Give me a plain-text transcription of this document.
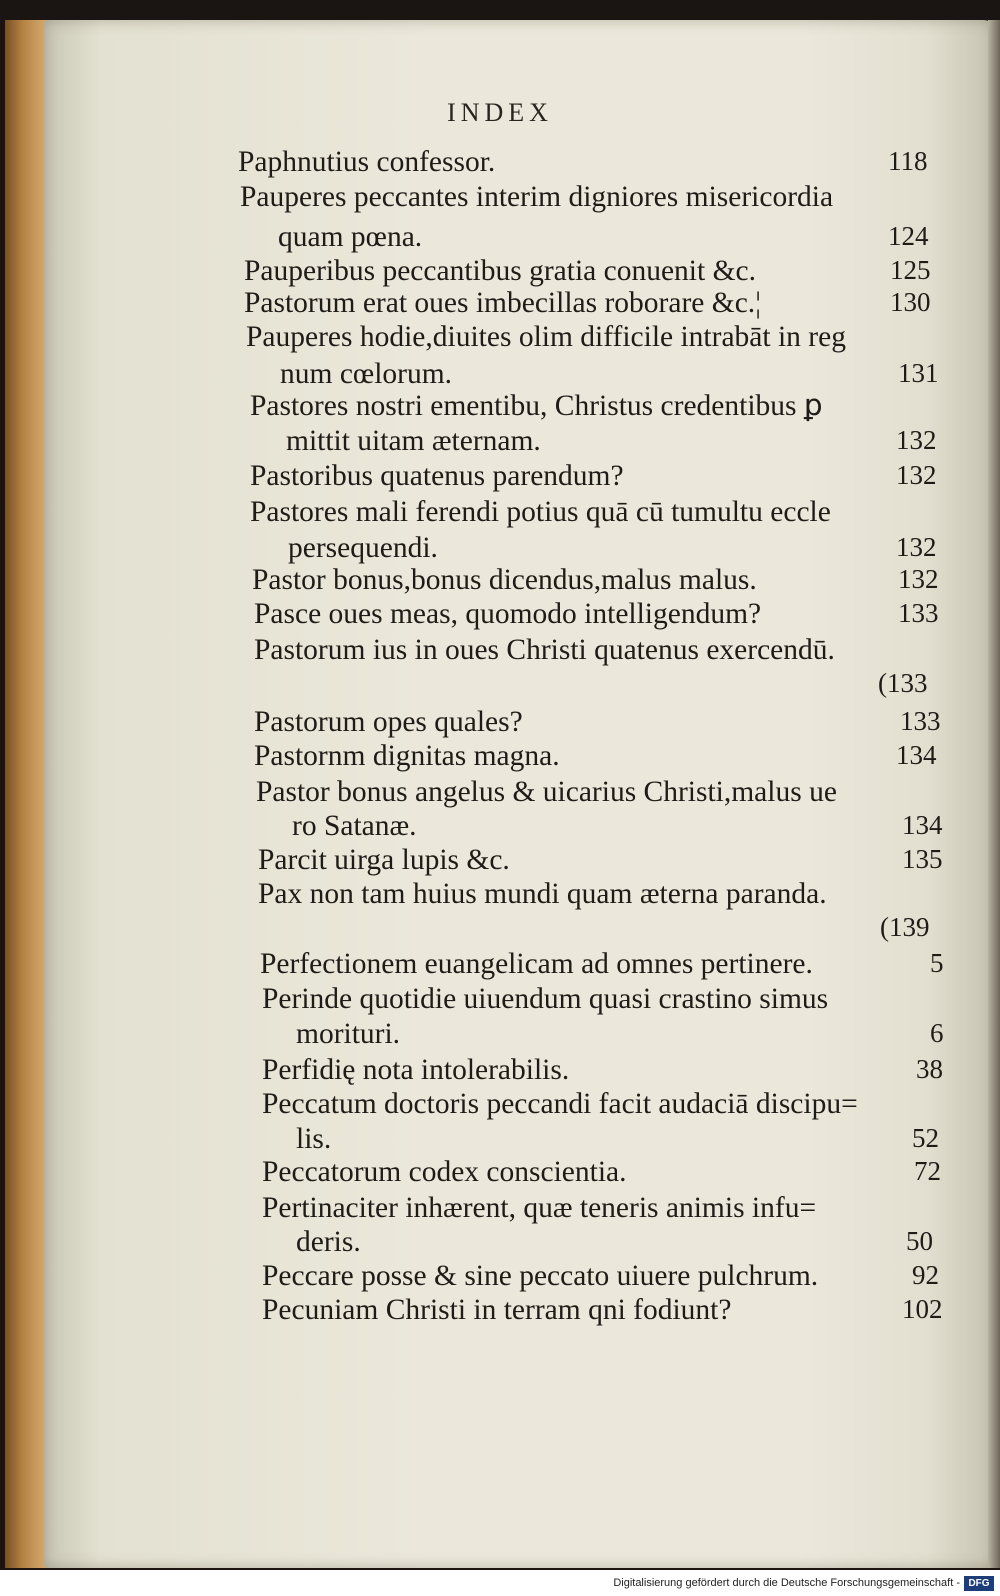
INDEX
Paphnutius confessor.	118
Pauperes peccantes interim digniores misericordia
quam pœna.	124
Pauperibus peccantibus gratia conuenit &c.	125
Pastorum erat oues imbecillas roborare &c.¦	130
Pauperes hodie,diuites olim difficile intrabāt in reg
num cœlorum.	131
Pastores nostri ementibu, Christus credentibus ꝑ
mittit uitam æternam.	132
Pastoribus quatenus parendum?	132
Pastores mali ferendi potius quā cū tumultu eccle
persequendi.	132
Pastor bonus,bonus dicendus,malus malus.	132
Pasce oues meas, quomodo intelligendum?	133
Pastorum ius in oues Christi quatenus exercendū.
(133
Pastorum opes quales?	133
Pastornm dignitas magna.	134
Pastor bonus angelus & uicarius Christi,malus ue
ro Satanæ.	134
Parcit uirga lupis &c.	135
Pax non tam huius mundi quam æterna paranda.
(139
Perfectionem euangelicam ad omnes pertinere.	5
Perinde quotidie uiuendum quasi crastino simus
morituri.	6
Perfidię nota intolerabilis.	38
Peccatum doctoris peccandi facit audaciā discipu=
lis.	52
Peccatorum codex conscientia.	72
Pertinaciter inhærent, quæ teneris animis infu=
deris.	50
Peccare posse & sine peccato uiuere pulchrum.	92
Pecuniam Christi in terram qni fodiunt?	102
Digitalisierung gefördert durch die Deutsche Forschungsgemeinschaft - DFG
